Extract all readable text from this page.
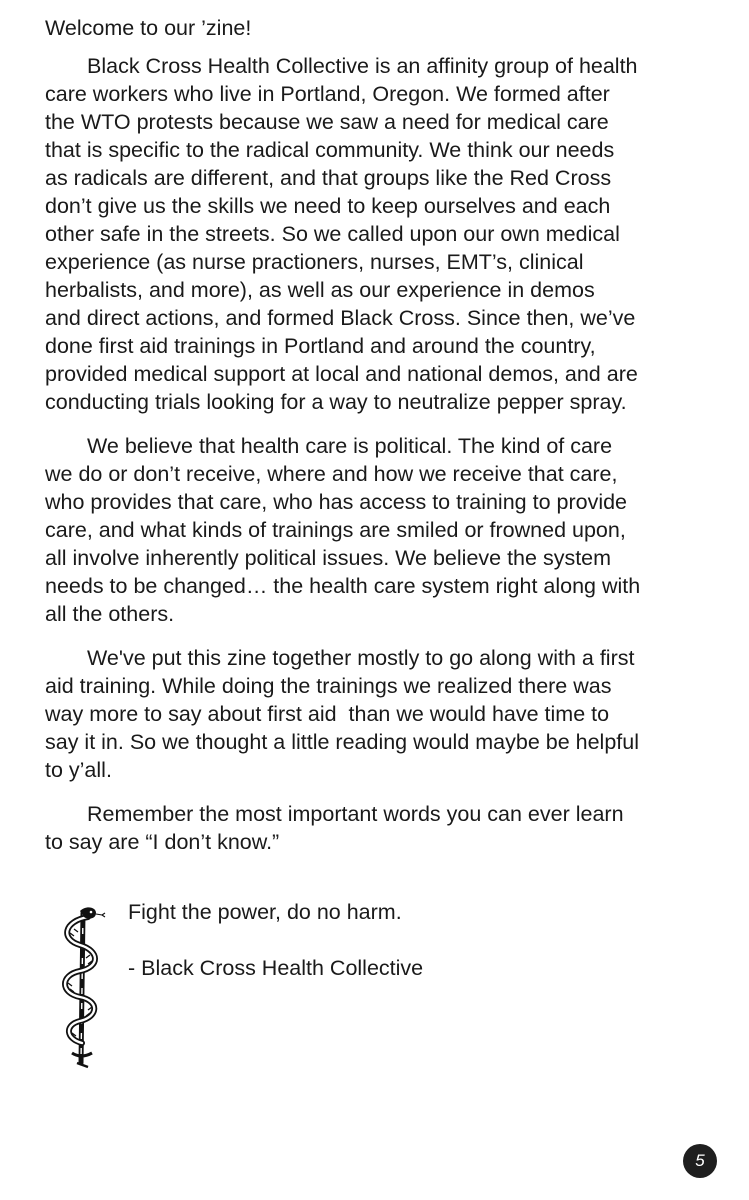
Welcome to our ’zine!
Black Cross Health Collective is an affinity group of health
care workers who live in Portland, Oregon. We formed after
the WTO protests because we saw a need for medical care
that is specific to the radical community. We think our needs
as radicals are different, and that groups like the Red Cross
don’t give us the skills we need to keep ourselves and each
other safe in the streets. So we called upon our own medical
experience (as nurse practioners, nurses, EMT’s, clinical
herbalists, and more), as well as our experience in demos
and direct actions, and formed Black Cross. Since then, we’ve
done first aid trainings in Portland and around the country,
provided medical support at local and national demos, and are
conducting trials looking for a way to neutralize pepper spray.
We believe that health care is political. The kind of care
we do or don’t receive, where and how we receive that care,
who provides that care, who has access to training to provide
care, and what kinds of trainings are smiled or frowned upon,
all involve inherently political issues. We believe the system
needs to be changed… the health care system right along with
all the others.
We've put this zine together mostly to go along with a first
aid training. While doing the trainings we realized there was
way more to say about first aid  than we would have time to
say it in. So we thought a little reading would maybe be helpful
to y’all.
Remember the most important words you can ever learn
to say are “I don’t know.”

Fight the power, do no harm.

- Black Cross Health Collective

5
